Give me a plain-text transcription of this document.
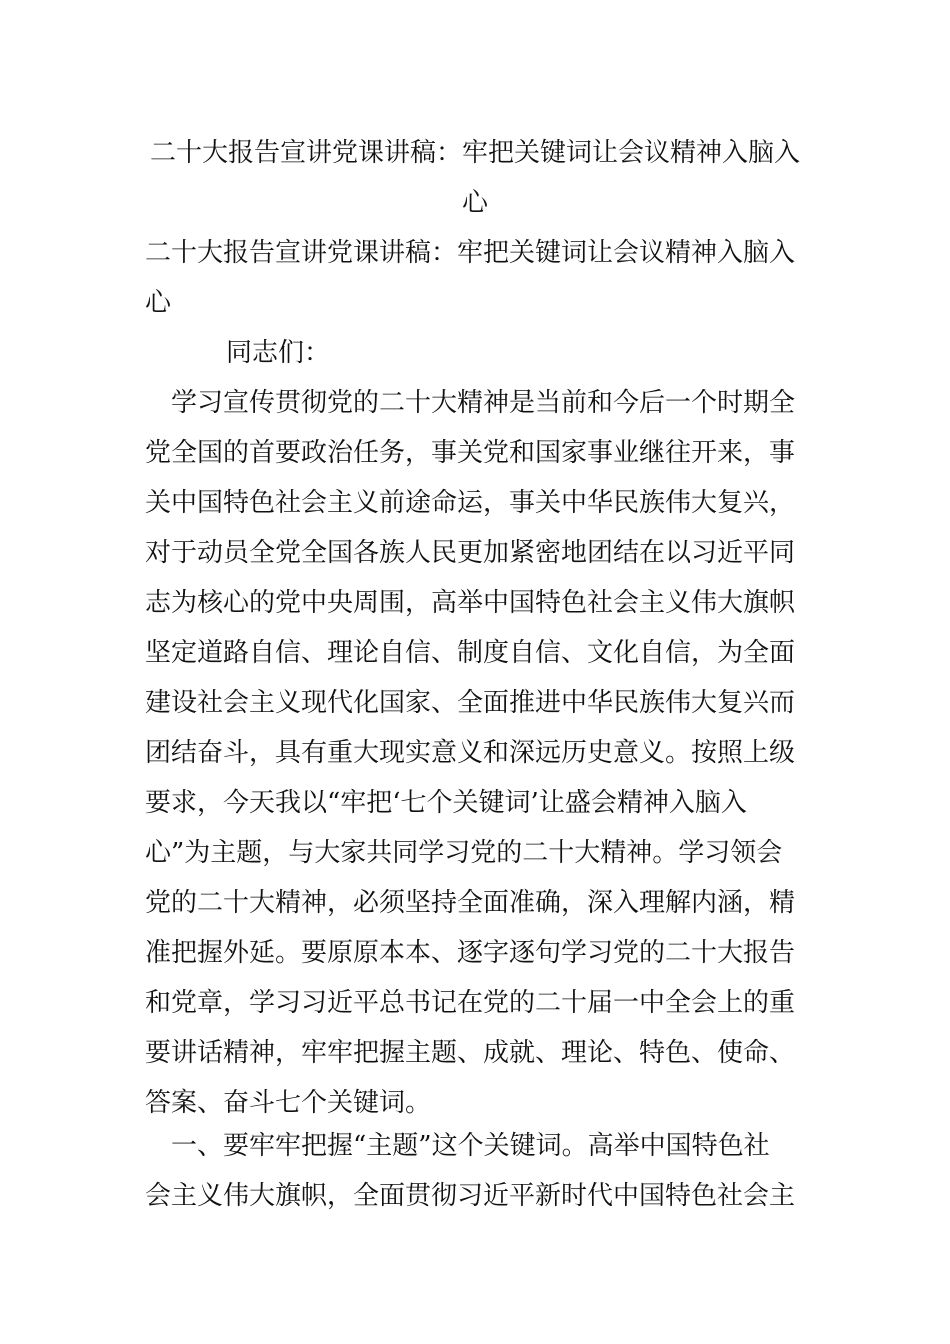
二十大报告宣讲党课讲稿：牢把关键词让会议精神入脑入
心

二十大报告宣讲党课讲稿：牢把关键词让会议精神入脑入
心

同志们：

　学习宣传贯彻党的二十大精神是当前和今后一个时期全
党全国的首要政治任务，事关党和国家事业继往开来，事
关中国特色社会主义前途命运，事关中华民族伟大复兴，
对于动员全党全国各族人民更加紧密地团结在以习近平同
志为核心的党中央周围，高举中国特色社会主义伟大旗帜
坚定道路自信、理论自信、制度自信、文化自信，为全面
建设社会主义现代化国家、全面推进中华民族伟大复兴而
团结奋斗，具有重大现实意义和深远历史意义。按照上级
要求，今天我以“牢把‘七个关键词’让盛会精神入脑入
心”为主题，与大家共同学习党的二十大精神。学习领会
党的二十大精神，必须坚持全面准确，深入理解内涵，精
准把握外延。要原原本本、逐字逐句学习党的二十大报告
和党章，学习习近平总书记在党的二十届一中全会上的重
要讲话精神，牢牢把握主题、成就、理论、特色、使命、
答案、奋斗七个关键词。

　一、要牢牢把握“主题”这个关键词。高举中国特色社
会主义伟大旗帜，全面贯彻习近平新时代中国特色社会主
